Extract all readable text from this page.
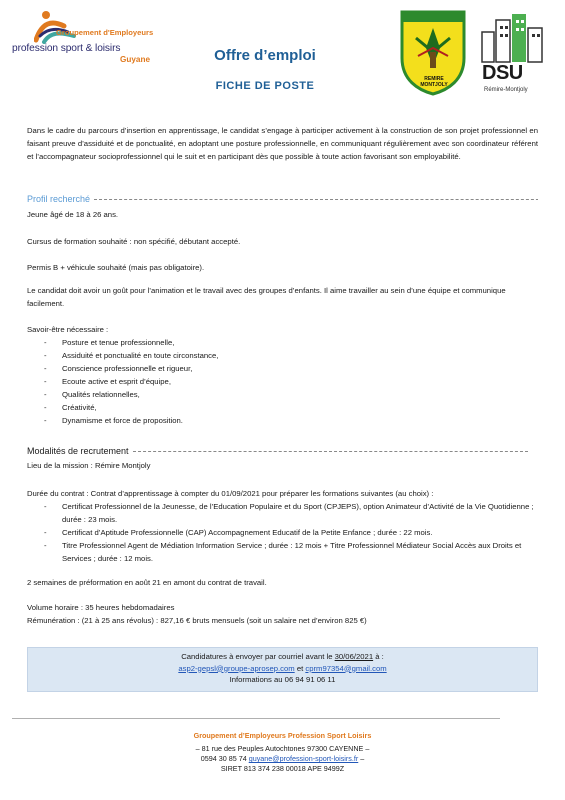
Groupement d'Employeurs
profession sport & loisirs
Guyane	Offre d’emploi
FICHE DE POSTE
REMIRE MONTJOLY
DSU
Rémire-Montjoly

Dans le cadre du parcours d’insertion en apprentissage, le candidat s’engage à participer activement à la construction de son projet professionnel en faisant preuve d’assiduité et de ponctualité, en adoptant une posture professionnelle, en communiquant régulièrement avec son coordinateur référent et l’accompagnateur socioprofessionnel qui le suit et en participant dès que possible à toute action favorisant son employabilité.

Profil recherché

Jeune âgé de 18 à 26 ans.

Cursus de formation souhaité : non spécifié, débutant accepté.

Permis B + véhicule souhaité (mais pas obligatoire).

Le candidat doit avoir un goût pour l’animation et le travail avec des groupes d’enfants. Il aime travailler au sein d’une équipe et communique facilement.

Savoir-être nécessaire :

- Posture et tenue professionnelle,
- Assiduité et ponctualité en toute circonstance,
- Conscience professionnelle et rigueur,
- Ecoute active et esprit d’équipe,
- Qualités relationnelles,
- Créativité,
- Dynamisme et force de proposition.
Modalités de recrutement

Lieu de la mission : Rémire Montjoly

Durée du contrat : Contrat d’apprentissage à compter du 01/09/2021 pour préparer les formations suivantes (au choix) :

- Certificat Professionnel de la Jeunesse, de l’Education Populaire et du Sport (CPJEPS), option Animateur d’Activité de la Vie Quotidienne ; durée : 23 mois.
- Certificat d’Aptitude Professionnelle (CAP) Accompagnement Educatif de la Petite Enfance ; durée : 22 mois.
- Titre Professionnel Agent de Médiation Information Service ; durée : 12 mois + Titre Professionnel Médiateur Social Accès aux Droits et Services ; durée : 12 mois.

2 semaines de préformation en août 21 en amont du contrat de travail.

Volume horaire : 35 heures hebdomadaires

Rémunération : (21 à 25 ans révolus) : 827,16 € bruts mensuels (soit un salaire net d’environ 825 €)

Candidatures à envoyer par courriel avant le 30/06/2021 à :
asp2-gepsl@groupe-aprosep.com et cprm97354@gmail.com
Informations au 06 94 91 06 11
Groupement d’Employeurs Profession Sport Loisirs
– 81 rue des Peuples Autochtones 97300 CAYENNE –
0594 30 85 74 guyane@profession-sport-loisirs.fr –
SIRET 813 374 238 00018 APE 9499Z
